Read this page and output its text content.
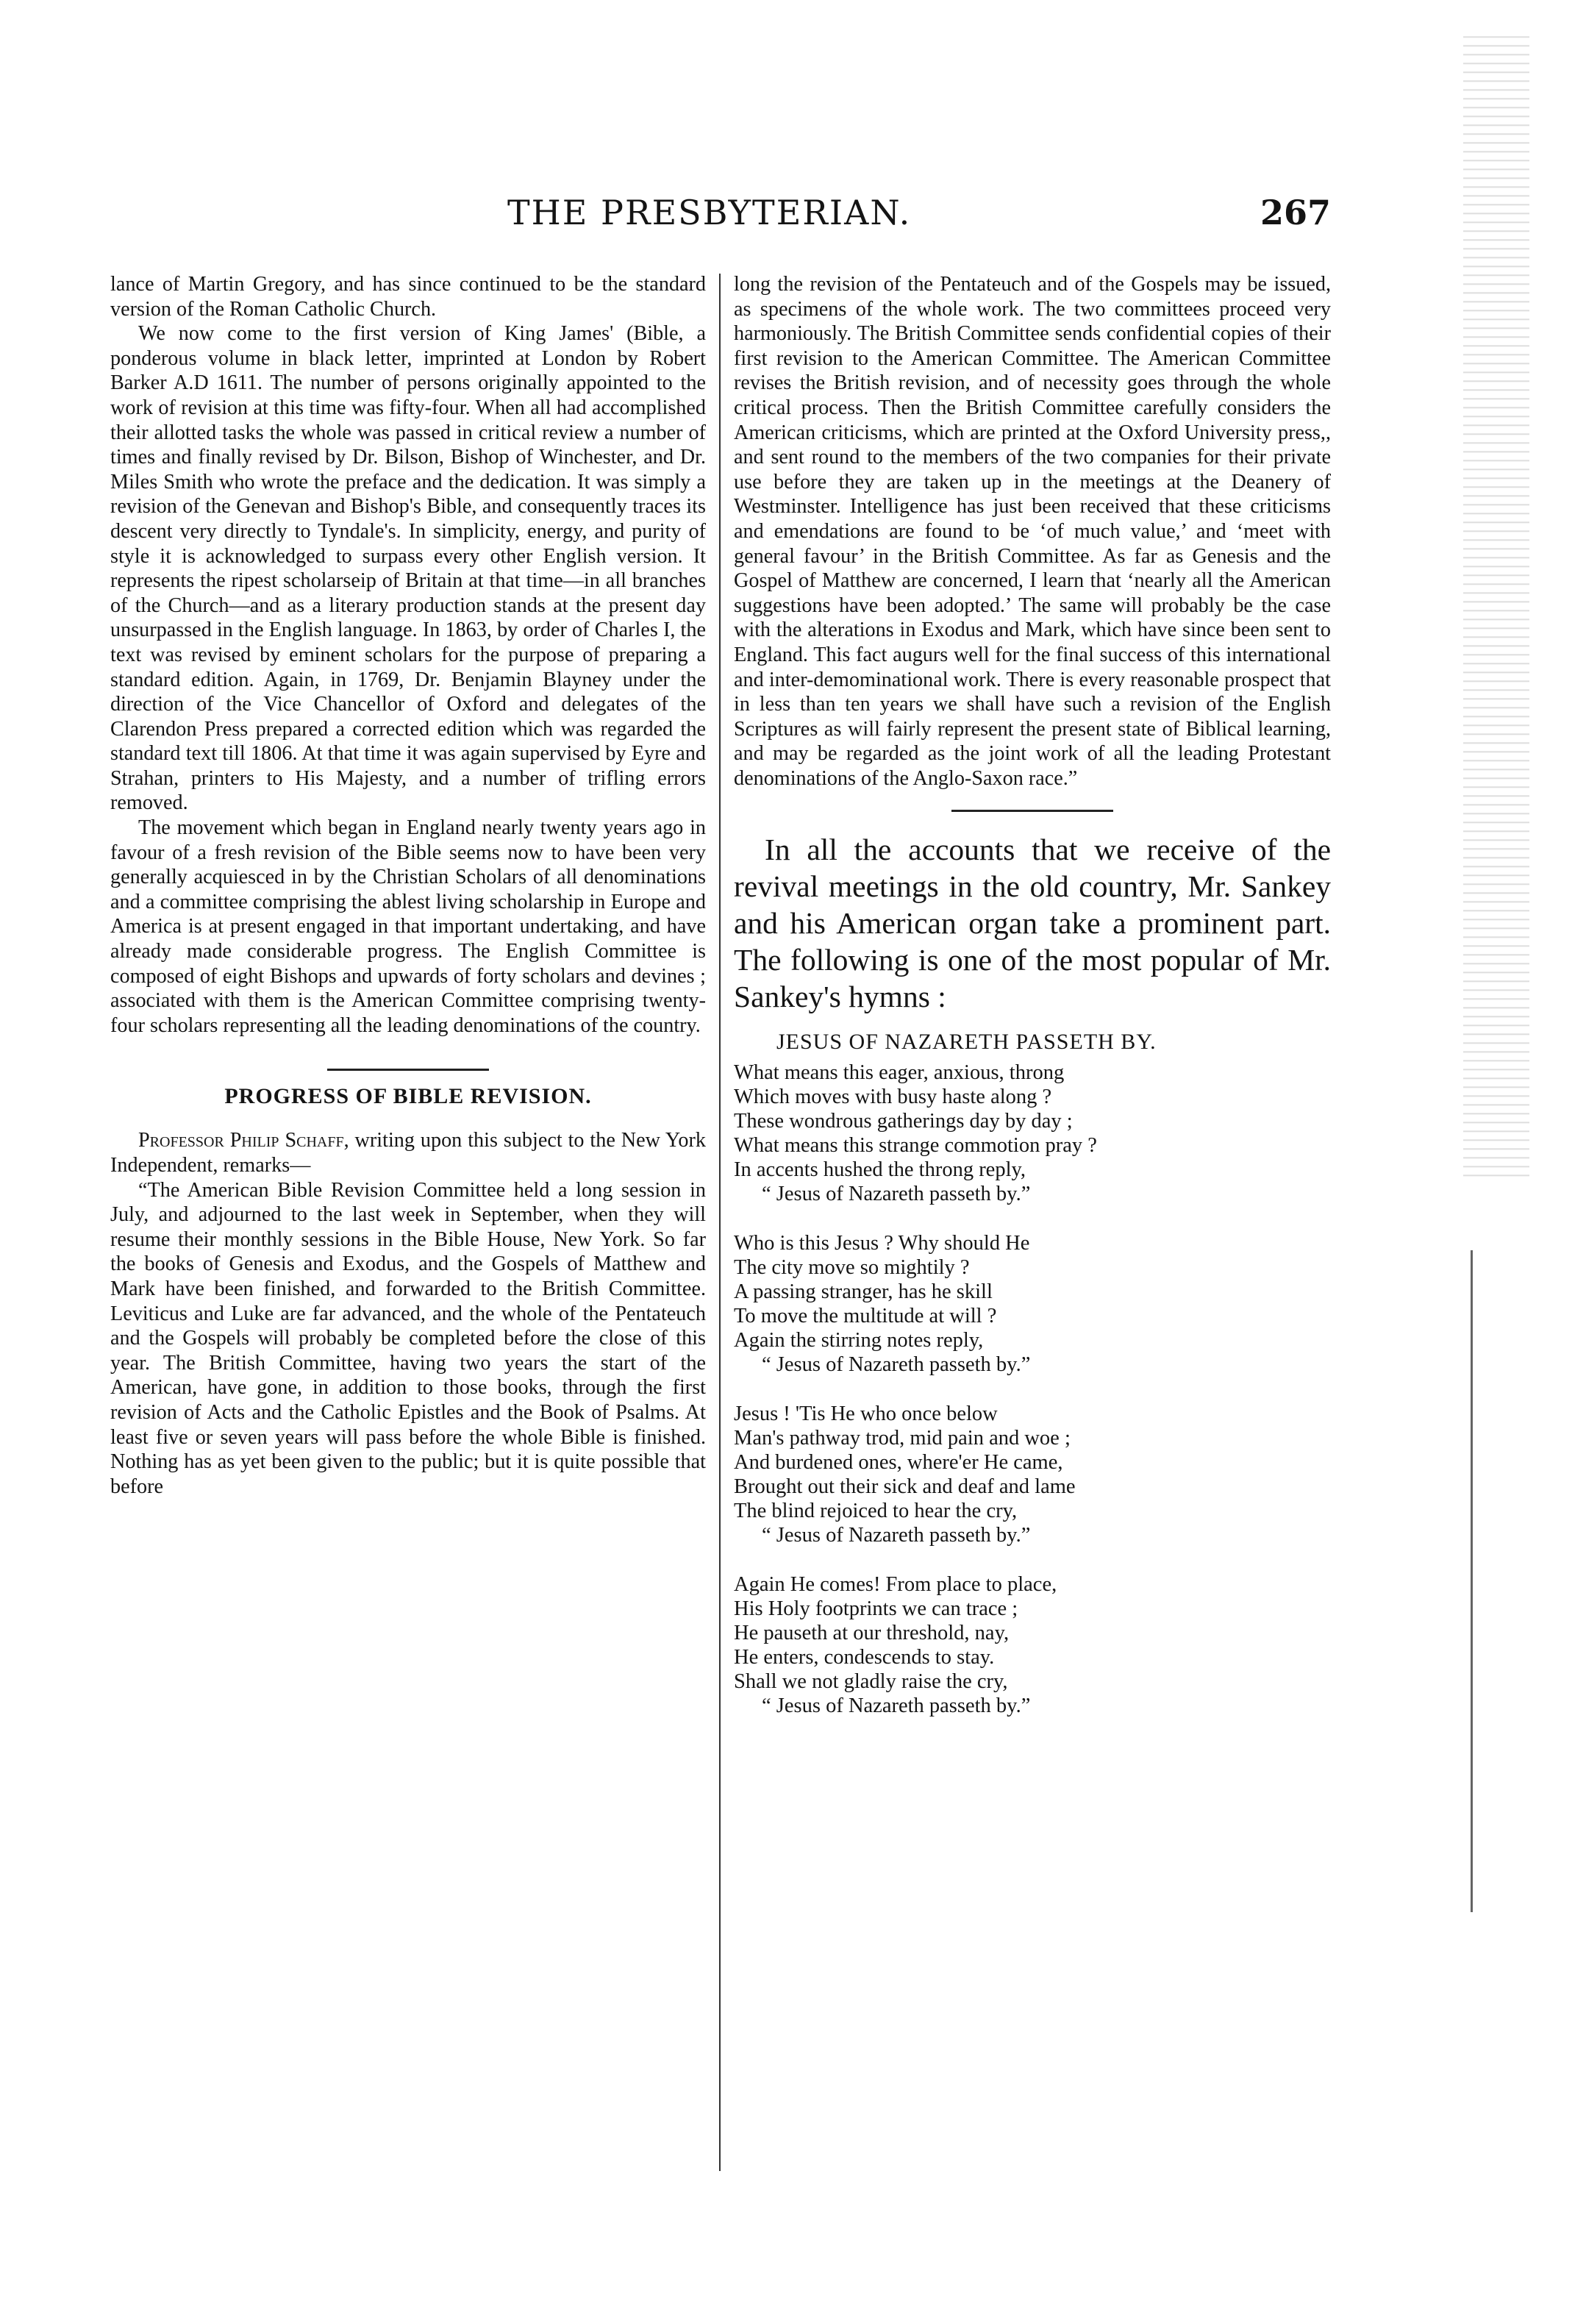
THE PRESBYTERIAN.	267

lance of Martin Gregory, and has since continued to be the standard version of the Roman Catholic Church.

We now come to the first version of King James' (Bible, a ponderous volume in black letter, imprinted at London by Robert Barker A.D 1611. The number of persons originally appointed to the work of revision at this time was fifty-four. When all had accomplished their allotted tasks the whole was passed in critical review a number of times and finally revised by Dr. Bilson, Bishop of Winchester, and Dr. Miles Smith who wrote the preface and the dedication. It was simply a revision of the Genevan and Bishop's Bible, and consequently traces its descent very directly to Tyndale's. In simplicity, energy, and purity of style it is acknowledged to surpass every other English version. It represents the ripest scholarseip of Britain at that time—in all branches of the Church—and as a literary production stands at the present day unsurpassed in the English language. In 1863, by order of Charles I, the text was revised by eminent scholars for the purpose of preparing a standard edition. Again, in 1769, Dr. Benjamin Blayney under the direction of the Vice Chancellor of Oxford and delegates of the Clarendon Press prepared a corrected edition which was regarded the standard text till 1806. At that time it was again supervised by Eyre and Strahan, printers to His Majesty, and a number of trifling errors removed.

The movement which began in England nearly twenty years ago in favour of a fresh revision of the Bible seems now to have been very generally acquiesced in by the Christian Scholars of all denominations and a committee comprising the ablest living scholarship in Europe and America is at present engaged in that important undertaking, and have already made considerable progress. The English Committee is composed of eight Bishops and upwards of forty scholars and devines ; associated with them is the American Committee comprising twenty-four scholars representing all the leading denominations of the country.

PROGRESS OF BIBLE REVISION.

Professor Philip Schaff, writing upon this subject to the New York Independent, remarks—

“The American Bible Revision Committee held a long session in July, and adjourned to the last week in September, when they will resume their monthly sessions in the Bible House, New York. So far the books of Genesis and Exodus, and the Gospels of Matthew and Mark have been finished, and forwarded to the British Committee. Leviticus and Luke are far advanced, and the whole of the Pentateuch and the Gospels will probably be completed before the close of this year. The British Committee, having two years the start of the American, have gone, in addition to those books, through the first revision of Acts and the Catholic Epistles and the Book of Psalms. At least five or seven years will pass before the whole Bible is finished. Nothing has as yet been given to the public; but it is quite possible that before

long the revision of the Pentateuch and of the Gospels may be issued, as specimens of the whole work. The two committees proceed very harmoniously. The British Committee sends confidential copies of their first revision to the American Committee. The American Committee revises the British revision, and of necessity goes through the whole critical process. Then the British Committee carefully considers the American criticisms, which are printed at the Oxford University press,, and sent round to the members of the two companies for their private use before they are taken up in the meetings at the Deanery of Westminster. Intelligence has just been received that these criticisms and emendations are found to be ‘of much value,’ and ‘meet with general favour’ in the British Committee. As far as Genesis and the Gospel of Matthew are concerned, I learn that ‘nearly all the American suggestions have been adopted.’ The same will probably be the case with the alterations in Exodus and Mark, which have since been sent to England. This fact augurs well for the final success of this international and inter-demominational work. There is every reasonable prospect that in less than ten years we shall have such a revision of the English Scriptures as will fairly represent the present state of Biblical learning, and may be regarded as the joint work of all the leading Protestant denominations of the Anglo-Saxon race.”

In all the accounts that we receive of the revival meetings in the old country, Mr. Sankey and his American organ take a prominent part. The following is one of the most popular of Mr. Sankey's hymns :

JESUS OF NAZARETH PASSETH BY.
What means this eager, anxious, throng
Which moves with busy haste along ?
These wondrous gatherings day by day ;
What means this strange commotion pray ?
In accents hushed the throng reply,
“ Jesus of Nazareth passeth by.”
Who is this Jesus ? Why should He
The city move so mightily ?
A passing stranger, has he skill
To move the multitude at will ?
Again the stirring notes reply,
“ Jesus of Nazareth passeth by.”
Jesus ! 'Tis He who once below
Man's pathway trod, mid pain and woe ;
And burdened ones, where'er He came,
Brought out their sick and deaf and lame
The blind rejoiced to hear the cry,
“ Jesus of Nazareth passeth by.”
Again He comes! From place to place,
His Holy footprints we can trace ;
He pauseth at our threshold, nay,
He enters, condescends to stay.
Shall we not gladly raise the cry,
“ Jesus of Nazareth passeth by.”
